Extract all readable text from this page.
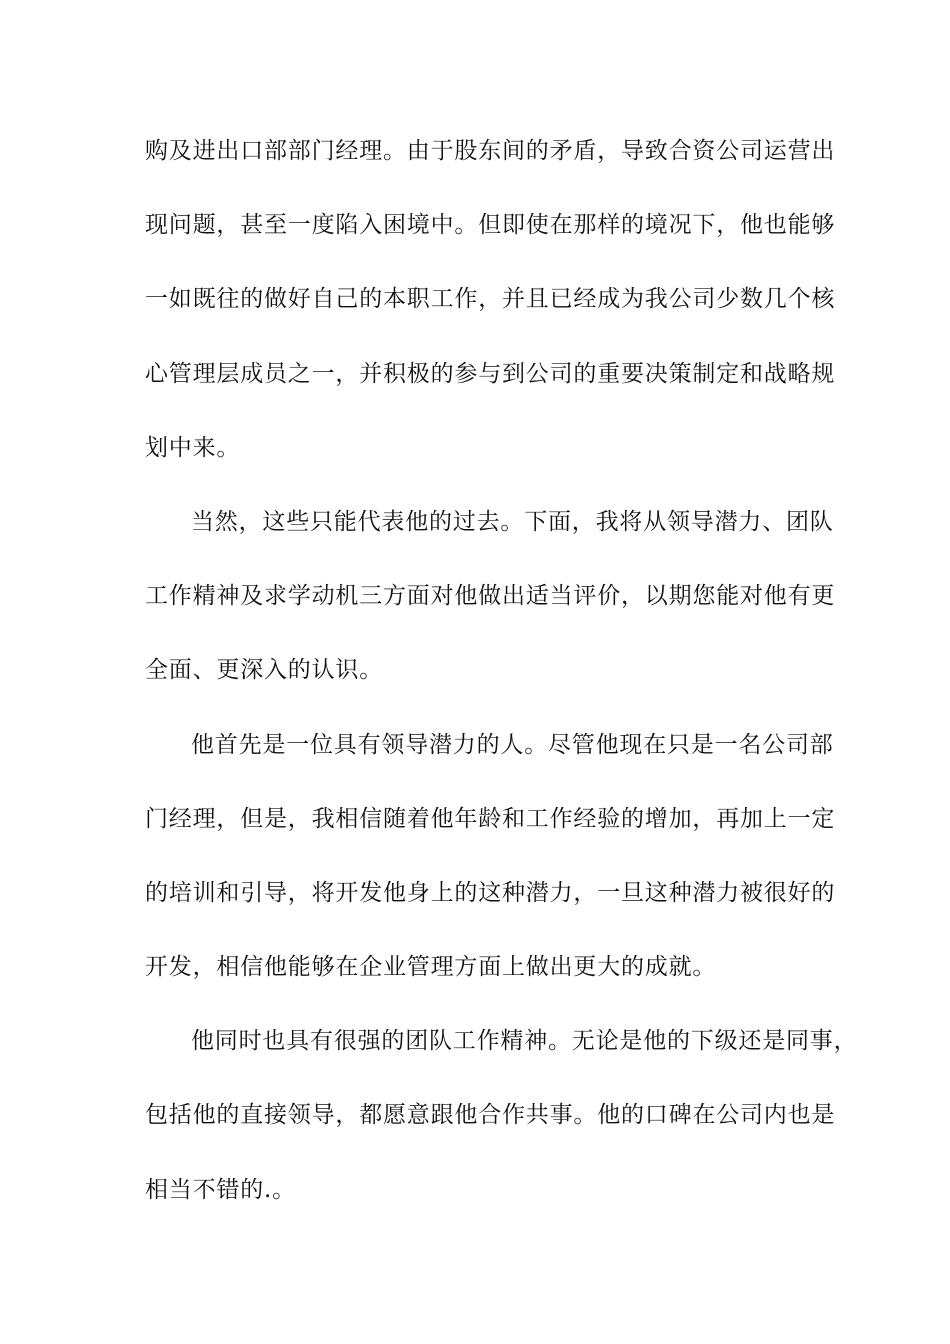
购及进出口部部门经理。由于股东间的矛盾，导致合资公司运营出
现问题，甚至一度陷入困境中。但即使在那样的境况下，他也能够
一如既往的做好自己的本职工作，并且已经成为我公司少数几个核
心管理层成员之一，并积极的参与到公司的重要决策制定和战略规
划中来。
当然，这些只能代表他的过去。下面，我将从领导潜力、团队
工作精神及求学动机三方面对他做出适当评价，以期您能对他有更
全面、更深入的认识。
他首先是一位具有领导潜力的人。尽管他现在只是一名公司部
门经理，但是，我相信随着他年龄和工作经验的增加，再加上一定
的培训和引导，将开发他身上的这种潜力，一旦这种潜力被很好的
开发，相信他能够在企业管理方面上做出更大的成就。
他同时也具有很强的团队工作精神。无论是他的下级还是同事，
包括他的直接领导，都愿意跟他合作共事。他的口碑在公司内也是
相当不错的.。
